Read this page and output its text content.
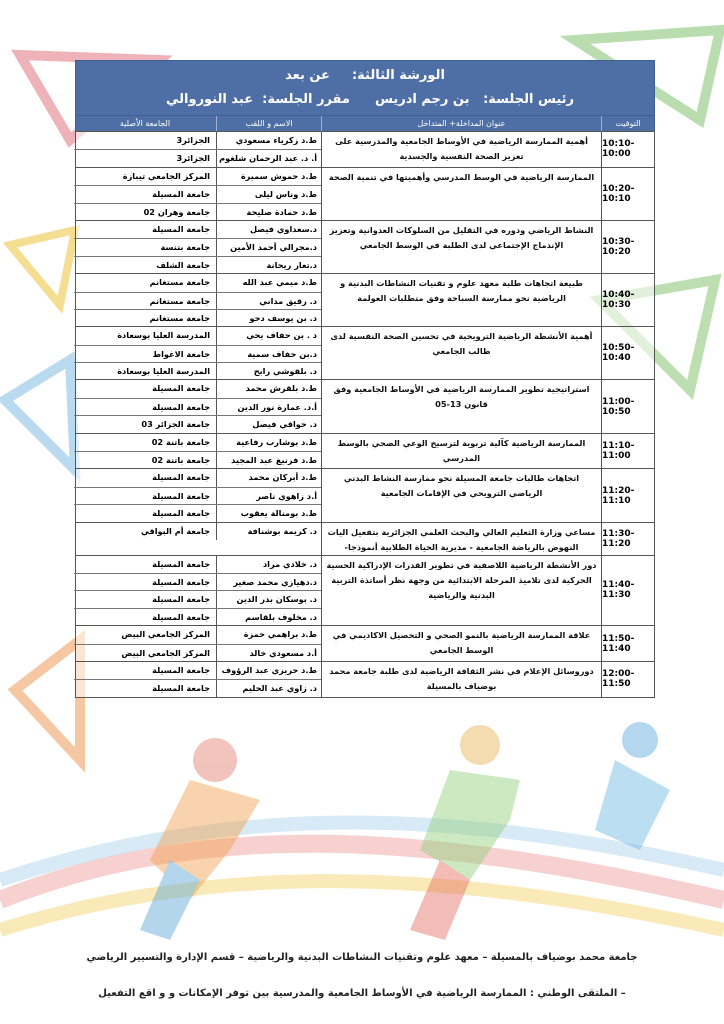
الورشة الثالثة:عن بعد
رئيس الجلسة:   بن رجم ادريس
مقرر الجلسة:  عبد النوروالي
التوقيت
عنوان المداخلة+ المتداخل
الاسم و اللقب
الجامعة الأصلية
10:10-10:00
أهمية الممارسة الرياضية في الأوساط الجامعية والمدرسية على تعزيز الصحة النفسية والجسدية
ط.د زكرياء مسعودي
الجزائر3
أ. د. عبد الرحمان شلغوم
الجزائر3
10:20-10:10
الممارسة الرياضية في الوسط المدرسي وأهميتها في تنمية الصحة
ط.د حموش سميرة
المركز الجامعي تيبازة
ط.د وناس ليلى
جامعة المسيلة
ط.د حمادة صليحة
جامعة وهران 02
10:30-10:20
النشاط الرياضي ودوره في التقليل من السلوكات العدوانية وتعزيز الإندماج الإجتماعي لدى الطلبة في الوسط الجامعي
د.سعداوي فيصل
جامعة المسيلة
د.مجرالي أحمد الأمين
جامعة بتنسة
د.تعار ريحانة
جامعة الشلف
10:40-10:30
طبيعة اتجاهات طلبة معهد علوم و تقنيات النشاطات البدنية و الرياضية نحو ممارسة السباحة وفق متطلبات العولمة
ط.د ميمي عبد الله
جامعة مستغانم
د. رقيق مداني
جامعة مستغانم
د. بن يوسف دحو
جامعة مستغانم
10:50-10:40
أهمية الأنشطة الرياضية الترويحية في تحسين الصحة النفسية لدى طالب الجامعي
د . بن حفاف يحي
المدرسة العليا بوسعادة
د.بن حفاف سمية
جامعة الاغواط
د. بلقوشي رابح
المدرسة العليا بوسعادة
11:00-10:50
استراتيجية تطوير الممارسة الرياضية في الأوساط الجامعية وفق قانون 13-05
ط.د بلقرش محمد
جامعة المسيلة
أ.د. عمارة نور الدين
جامعة المسيلة
د. حواقي فيصل
جامعة الجزائر 03
11:10-11:00
الممارسة الرياضية كآلية تربوية لترسيخ الوعي الصحي بالوسط المدرسي
ط.د بوشارب رفاعية
جامعة باتنة 02
ط.د فرنيغ عبد المجيد
جامعة باتنة 02
11:20-11:10
اتجاهات طالبات جامعة المسيلة نحو ممارسة النشاط البدني الرياضي الترويحي في الإقامات الجامعية
ط.د أبركان محمد
جامعة المسيلة
أ.د زاهوي ناصر
جامعة المسيلة
ط.د بومنالة يعقوب
جامعة المسيلة
11:30-11:20
مساعي وزارة التعليم العالي والبحث العلمي الجزائرية بتفعيل اليات النهوض بالرياضة الجامعية - مديرية الحياة الطلابية أنموذجا-
د. كريمة بوشنافة
جامعة أم البواقي
11:40-11:30
دور الأنشطة الرياضية اللاصفية في تطوير القدرات الإدراكية الحسية الحركية لدى تلاميذ المرحلة الابتدائية من وجهة نظر أساتذة التربية البدنية والرياضية
د. خلادي مراد
جامعة المسيلة
د.دهيازي محمد صغير
جامعة المسيلة
د. بوسكان بدر الدين
جامعة المسيلة
د. مخلوف بلقاسم
جامعة المسيلة
11:50-11:40
علاقة الممارسة الرياضية بالنمو الصحي و التحصيل الاكاديمي في الوسط الجامعي
ط.د براهمي حمزة
المركز الجامعي البيض
أ.د مسعودي خالد
المركز الجامعي البيض
12:00-11:50
دوروسائل الإعلام في نشر الثقافة الرياضية لدى طلبة جامعة محمد بوضياف بالمسيلة
ط.د حريزي عبد الرؤوف
جامعة المسيلة
د. زاوي عبد الحليم
جامعة المسيلة
جامعة محمد بوضياف بالمسيلة – معهد علوم وتقنيات النشاطات البدنية والرياضية – قسم الإدارة والتسيير الرياضي
– الملتقى الوطني : الممارسة الرياضية في الأوساط الجامعية والمدرسية بين توفر الإمكانات و و اقع التفعيل
